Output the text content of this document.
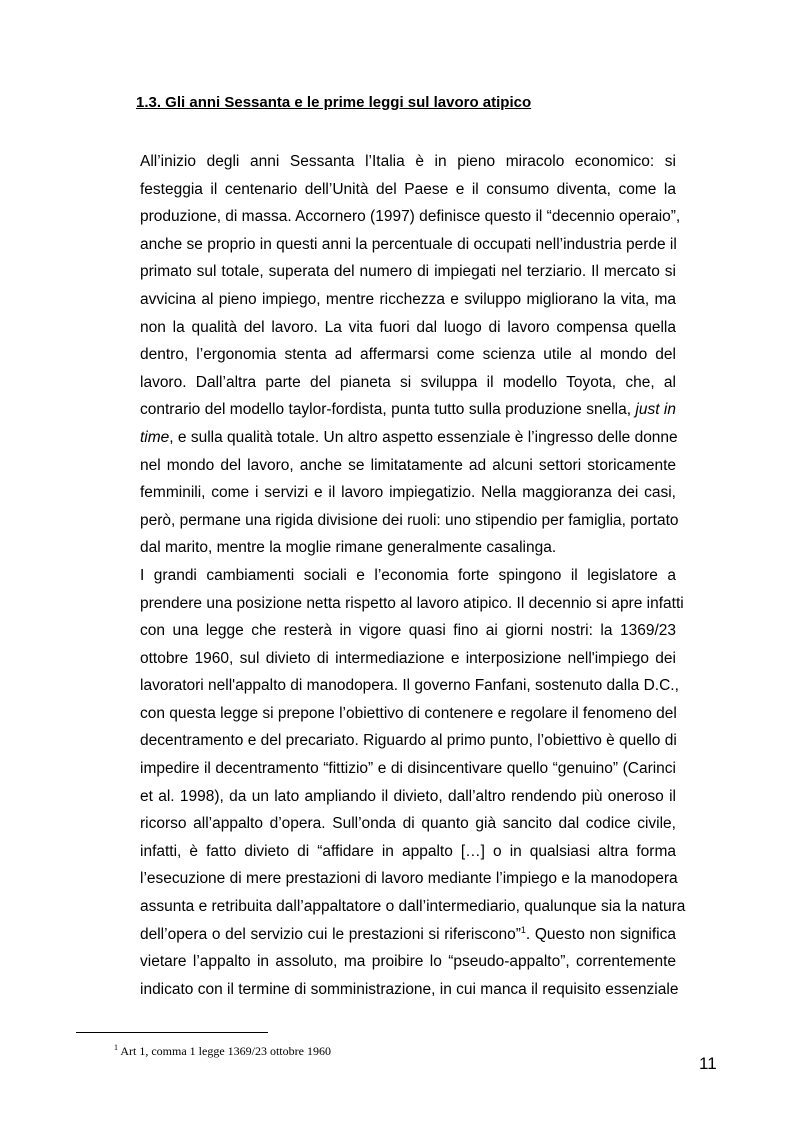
1.3. Gli anni Sessanta e le prime leggi sul lavoro atipico
All’inizio degli anni Sessanta l’Italia è in pieno miracolo economico: si
festeggia il centenario dell’Unità del Paese e il consumo diventa, come la
produzione, di massa. Accornero (1997) definisce questo il “decennio operaio”,
anche se proprio in questi anni la percentuale di occupati nell’industria perde il
primato sul totale, superata del numero di impiegati nel terziario. Il mercato si
avvicina al pieno impiego, mentre ricchezza e sviluppo migliorano la vita, ma
non la qualità del lavoro. La vita fuori dal luogo di lavoro compensa quella
dentro, l’ergonomia stenta ad affermarsi come scienza utile al mondo del
lavoro. Dall’altra parte del pianeta si sviluppa il modello Toyota, che, al
contrario del modello taylor-fordista, punta tutto sulla produzione snella, just in
time, e sulla qualità totale. Un altro aspetto essenziale è l’ingresso delle donne
nel mondo del lavoro, anche se limitatamente ad alcuni settori storicamente
femminili, come i servizi e il lavoro impiegatizio. Nella maggioranza dei casi,
però, permane una rigida divisione dei ruoli: uno stipendio per famiglia, portato
dal marito, mentre la moglie rimane generalmente casalinga.
I grandi cambiamenti sociali e l’economia forte spingono il legislatore a
prendere una posizione netta rispetto al lavoro atipico. Il decennio si apre infatti
con una legge che resterà in vigore quasi fino ai giorni nostri: la 1369/23
ottobre 1960, sul divieto di intermediazione e interposizione nell'impiego dei
lavoratori nell'appalto di manodopera. Il governo Fanfani, sostenuto dalla D.C.,
con questa legge si prepone l’obiettivo di contenere e regolare il fenomeno del
decentramento e del precariato. Riguardo al primo punto, l’obiettivo è quello di
impedire il decentramento “fittizio” e di disincentivare quello “genuino” (Carinci
et al. 1998), da un lato ampliando il divieto, dall’altro rendendo più oneroso il
ricorso all’appalto d’opera. Sull’onda di quanto già sancito dal codice civile,
infatti, è fatto divieto di “affidare in appalto […] o in qualsiasi altra forma
l’esecuzione di mere prestazioni di lavoro mediante l’impiego e la manodopera
assunta e retribuita dall’appaltatore o dall’intermediario, qualunque sia la natura
dell’opera o del servizio cui le prestazioni si riferiscono”$^1$. Questo non significa
vietare l’appalto in assoluto, ma proibire lo “pseudo-appalto”, correntemente
indicato con il termine di somministrazione, in cui manca il requisito essenziale
$^1$ Art 1, comma 1 legge 1369/23 ottobre 1960
11
